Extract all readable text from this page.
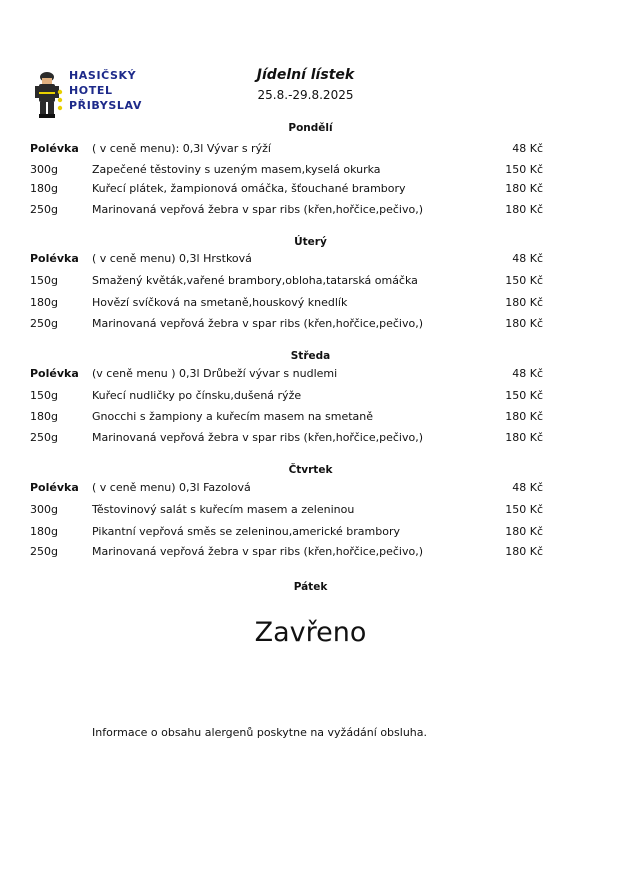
HASIČSKÝ
HOTEL
PŘIBYSLAV
Jídelní lístek
25.8.-29.8.2025
Pondělí
Polévka ( v ceně menu): 0,3l Vývar s rýží	48 Kč
300g	Zapečené těstoviny s uzeným masem,kyselá okurka	150 Kč
180g	Kuřecí plátek, žampionová omáčka, šťouchané brambory	180 Kč
250g	Marinovaná vepřová žebra v spar ribs (křen,hořčice,pečivo,)	180 Kč
Úterý
Polévka ( v ceně menu) 0,3l Hrstková	48 Kč
150g	Smažený květák,vařené brambory,obloha,tatarská omáčka	150 Kč
180g	Hovězí svíčková na smetaně,houskový knedlík	180 Kč
250g	Marinovaná vepřová žebra v spar ribs (křen,hořčice,pečivo,)	180 Kč
Středa
Polévka (v ceně menu ) 0,3l Drůbeží vývar s nudlemi	48 Kč
150g	Kuřecí nudličky po čínsku,dušená rýže	150 Kč
180g	Gnocchi s žampiony a kuřecím masem na smetaně	180 Kč
250g	Marinovaná vepřová žebra v spar ribs (křen,hořčice,pečivo,)	180 Kč
Čtvrtek
Polévka ( v ceně menu) 0,3l Fazolová	48 Kč
300g	Těstovinový salát s kuřecím masem a zeleninou	150 Kč
180g	Pikantní vepřová směs se zeleninou,americké brambory	180 Kč
250g	Marinovaná vepřová žebra v spar ribs (křen,hořčice,pečivo,)	180 Kč
Pátek
Zavřeno
Informace o obsahu alergenů poskytne na vyžádání obsluha.
